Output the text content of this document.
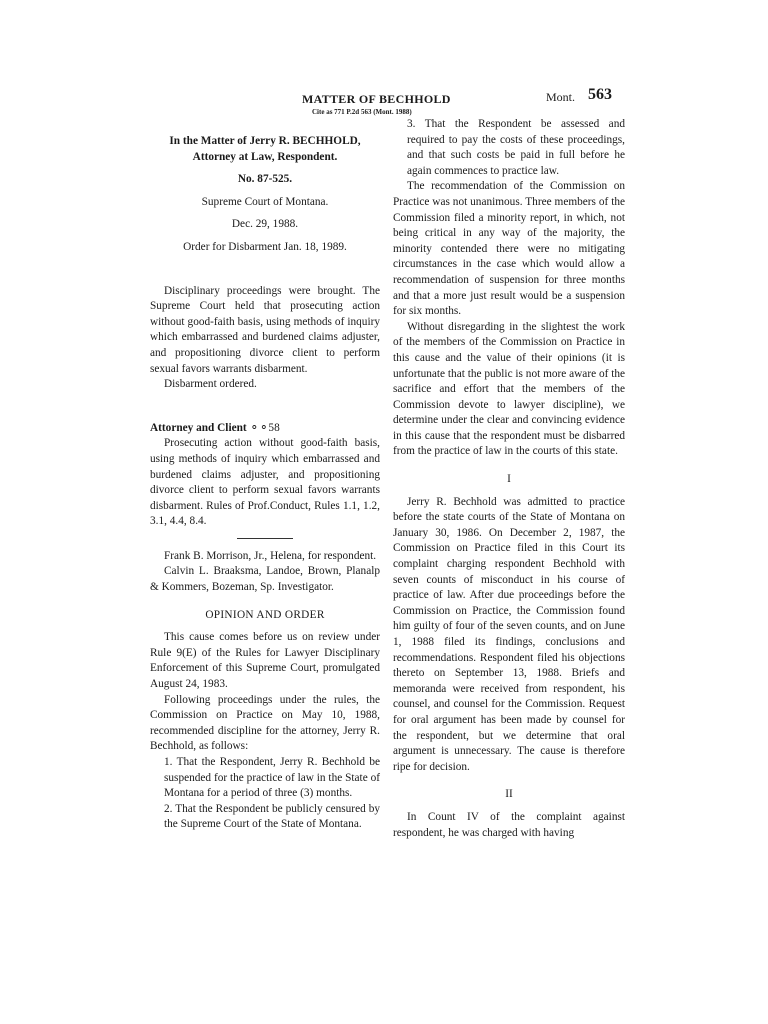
MATTER OF BECHHOLD
Cite as 771 P.2d 563 (Mont. 1988)
Mont. 563

In the Matter of Jerry R. BECHHOLD,

Attorney at Law, Respondent.

No. 87-525.

Supreme Court of Montana.

Dec. 29, 1988.

Order for Disbarment Jan. 18, 1989.

Disciplinary proceedings were brought. The Supreme Court held that prosecuting action without good-faith basis, using methods of inquiry which embarrassed and burdened claims adjuster, and propositioning divorce client to perform sexual favors warrants disbarment.

Disbarment ordered.

Attorney and Client ⚬⚬58

Prosecuting action without good-faith basis, using methods of inquiry which embarrassed and burdened claims adjuster, and propositioning divorce client to perform sexual favors warrants disbarment. Rules of Prof.Conduct, Rules 1.1, 1.2, 3.1, 4.4, 8.4.

Frank B. Morrison, Jr., Helena, for respondent.

Calvin L. Braaksma, Landoe, Brown, Planalp & Kommers, Bozeman, Sp. Investigator.

OPINION AND ORDER

This cause comes before us on review under Rule 9(E) of the Rules for Lawyer Disciplinary Enforcement of this Supreme Court, promulgated August 24, 1983.

Following proceedings under the rules, the Commission on Practice on May 10, 1988, recommended discipline for the attorney, Jerry R. Bechhold, as follows:

1. That the Respondent, Jerry R. Bechhold be suspended for the practice of law in the State of Montana for a period of three (3) months.

2. That the Respondent be publicly censured by the Supreme Court of the State of Montana.

3. That the Respondent be assessed and required to pay the costs of these proceedings, and that such costs be paid in full before he again commences to practice law.

The recommendation of the Commission on Practice was not unanimous. Three members of the Commission filed a minority report, in which, not being critical in any way of the majority, the minority contended there were no mitigating circumstances in the case which would allow a recommendation of suspension for three months and that a more just result would be a suspension for six months.

Without disregarding in the slightest the work of the members of the Commission on Practice in this cause and the value of their opinions (it is unfortunate that the public is not more aware of the sacrifice and effort that the members of the Commission devote to lawyer discipline), we determine under the clear and convincing evidence in this cause that the respondent must be disbarred from the practice of law in the courts of this state.

I

Jerry R. Bechhold was admitted to practice before the state courts of the State of Montana on January 30, 1986. On December 2, 1987, the Commission on Practice filed in this Court its complaint charging respondent Bechhold with seven counts of misconduct in his course of practice of law. After due proceedings before the Commission on Practice, the Commission found him guilty of four of the seven counts, and on June 1, 1988 filed its findings, conclusions and recommendations. Respondent filed his objections thereto on September 13, 1988. Briefs and memoranda were received from respondent, his counsel, and counsel for the Commission. Request for oral argument has been made by counsel for the respondent, but we determine that oral argument is unnecessary. The cause is therefore ripe for decision.

II

In Count IV of the complaint against respondent, he was charged with having
